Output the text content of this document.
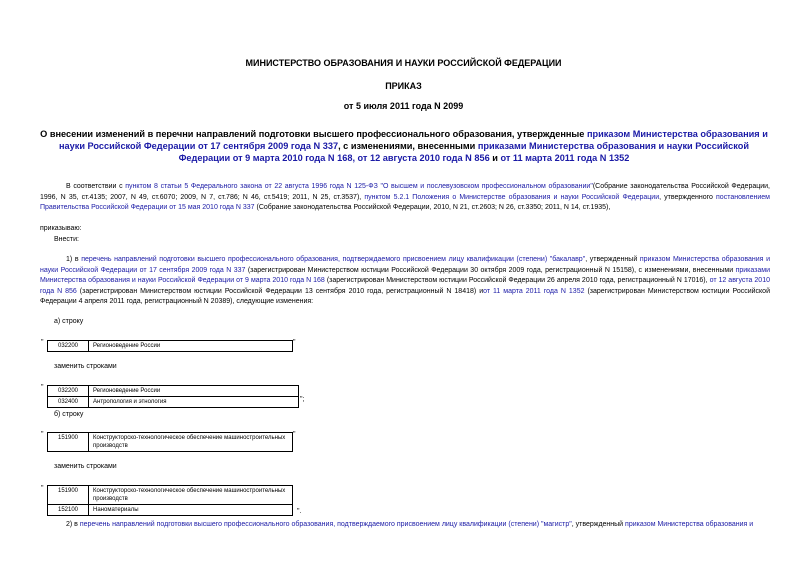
МИНИСТЕРСТВО ОБРАЗОВАНИЯ И НАУКИ РОССИЙСКОЙ ФЕДЕРАЦИИ
ПРИКАЗ
от 5 июля 2011 года N 2099
О внесении изменений в перечни направлений подготовки высшего профессионального образования, утвержденные приказом Министерства образования и науки Российской Федерации от 17 сентября 2009 года N 337, с изменениями, внесенными приказами Министерства образования и науки Российской Федерации от 9 марта 2010 года N 168, от 12 августа 2010 года N 856 и от 11 марта 2011 года N 1352
В соответствии с пунктом 8 статьи 5 Федерального закона от 22 августа 1996 года N 125-ФЗ "О высшем и послевузовском профессиональном образовании"(Собрание законодательства Российской Федерации, 1996, N 35, ст.4135; 2007, N 49, ст.6070; 2009, N 7, ст.786; N 46, ст.5419; 2011, N 25, ст.3537), пунктом 5.2.1 Положения о Министерстве образования и науки Российской Федерации, утвержденного постановлением Правительства Российской Федерации от 15 мая 2010 года N 337 (Собрание законодательства Российской Федерации, 2010, N 21, ст.2603; N 26, ст.3350; 2011, N 14, ст.1935),
приказываю:
Внести:
1) в перечень направлений подготовки высшего профессионального образования, подтверждаемого присвоением лицу квалификации (степени) "бакалавр", утвержденный приказом Министерства образования и науки Российской Федерации от 17 сентября 2009 года N 337 (зарегистрирован Министерством юстиции Российской Федерации 30 октября 2009 года, регистрационный N 15158), с изменениями, внесенными приказами Министерства образования и науки Российской Федерации от 9 марта 2010 года N 168 (зарегистрирован Министерством юстиции Российской Федерации 26 апреля 2010 года, регистрационный N 17016), от 12 августа 2010 года N 856 (зарегистрирован Министерством юстиции Российской Федерации 13 сентября 2010 года, регистрационный N 18418) иот 11 марта 2011 года N 1352 (зарегистрирован Министерством юстиции Российской Федерации 4 апреля 2011 года, регистрационный N 20389), следующие изменения:
а) строку
" 032200	Регионоведение России	"
заменить строками
" 032200	Регионоведение России
032400	Антропология и этнология	";
б) строку
" 151900	Конструкторско-технологическое обеспечение машиностроительных производств
"
заменить строками
" 151900	Конструкторско-технологическое обеспечение машиностроительных производств
152100	Наноматериалы	".
2) в перечень направлений подготовки высшего профессионального образования, подтверждаемого присвоением лицу квалификации (степени) "магистр", утвержденный приказом Министерства образования и
